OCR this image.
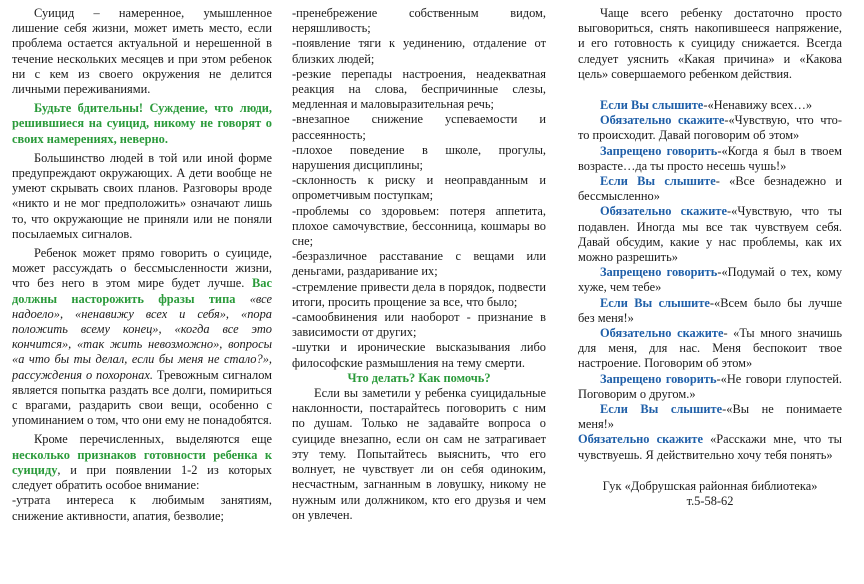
Суицид – намеренное, умышленное лишение себя жизни, может иметь место, если проблема остается актуальной и нерешенной в течение нескольких месяцев и при этом ребенок ни с кем из своего окружения не делится личными переживаниями.

Будьте бдительны! Суждение, что люди, решившиеся на суицид, никому не говорят о своих намерениях, неверно.

Большинство людей в той или иной форме предупреждают окружающих. А дети вообще не умеют скрывать своих планов. Разговоры вроде «никто и не мог предположить» означают лишь то, что окружающие не приняли или не поняли посылаемых сигналов.

Ребенок может прямо говорить о суициде, может рассуждать о бессмысленности жизни, что без него в этом мире будет лучше. Вас должны насторожить фразы типа «все надоело», «ненавижу всех и себя», «пора положить всему конец», «когда все это кончится», «так жить невозможно», вопросы «а что бы ты делал, если бы меня не стало?», рассуждения о похоронах. Тревожным сигналом является попытка раздать все долги, помириться с врагами, раздарить свои вещи, особенно с упоминанием о том, что они ему не понадобятся.

Кроме перечисленных, выделяются еще несколько признаков готовности ребенка к суициду, и при появлении 1-2 из которых следует обратить особое внимание:

-утрата интереса к любимым занятиям, снижение активности, апатия, безволие;

-пренебрежение собственным видом, неряшливость;

-появление тяги к уединению, отдаление от близких людей;

-резкие перепады настроения, неадекватная реакция на слова, беспричинные слезы, медленная и маловыразительная речь;

-внезапное снижение успеваемости и рассеянность;

-плохое поведение в школе, прогулы, нарушения дисциплины;

-склонность к риску и неоправданным и опрометчивым поступкам;

-проблемы со здоровьем: потеря аппетита, плохое самочувствие, бессонница, кошмары во сне;

-безразличное расставание с вещами или деньгами, раздаривание их;

-стремление привести дела в порядок, подвести итоги, просить прощение за все, что было;

-самообвинения или наоборот - признание в зависимости от других;

-шутки и иронические высказывания либо философские размышления на тему смерти.

Что делать? Как помочь?

Если вы заметили у ребенка суицидальные наклонности, постарайтесь поговорить с ним по душам. Только не задавайте вопроса о суициде внезапно, если он сам не затрагивает эту тему. Попытайтесь выяснить, что его волнует, не чувствует ли он себя одиноким, несчастным, загнанным в ловушку, никому не нужным или должником, кто его друзья и чем он увлечен.

Чаще всего ребенку достаточно просто выговориться, снять накопившееся напряжение, и его готовность к суициду снижается. Всегда следует уяснить «Какая причина» и «Какова цель» совершаемого ребенком действия.

Если Вы слышите-«Ненавижу всех…»

Обязательно скажите-«Чувствую, что что-то происходит. Давай поговорим об этом»

Запрещено говорить-«Когда я был в твоем возрасте…да ты просто несешь чушь!»

Если Вы слышите- «Все безнадежно и бессмысленно»

Обязательно скажите-«Чувствую, что ты подавлен. Иногда мы все так чувствуем себя. Давай обсудим, какие у нас проблемы, как их можно разрешить»

Запрещено говорить-«Подумай о тех, кому хуже, чем тебе»

Если Вы слышите-«Всем было бы лучше без меня!»

Обязательно скажите- «Ты много значишь для меня, для нас. Меня беспокоит твое настроение. Поговорим об этом»

Запрещено говорить-«Не говори глупостей. Поговорим о другом.»

Если Вы слышите-«Вы не понимаете меня!»

Обязательно скажите «Расскажи мне, что ты чувствуешь. Я действительно хочу тебя понять»

Гук «Добрушская районная библиотека»

т.5-58-62
